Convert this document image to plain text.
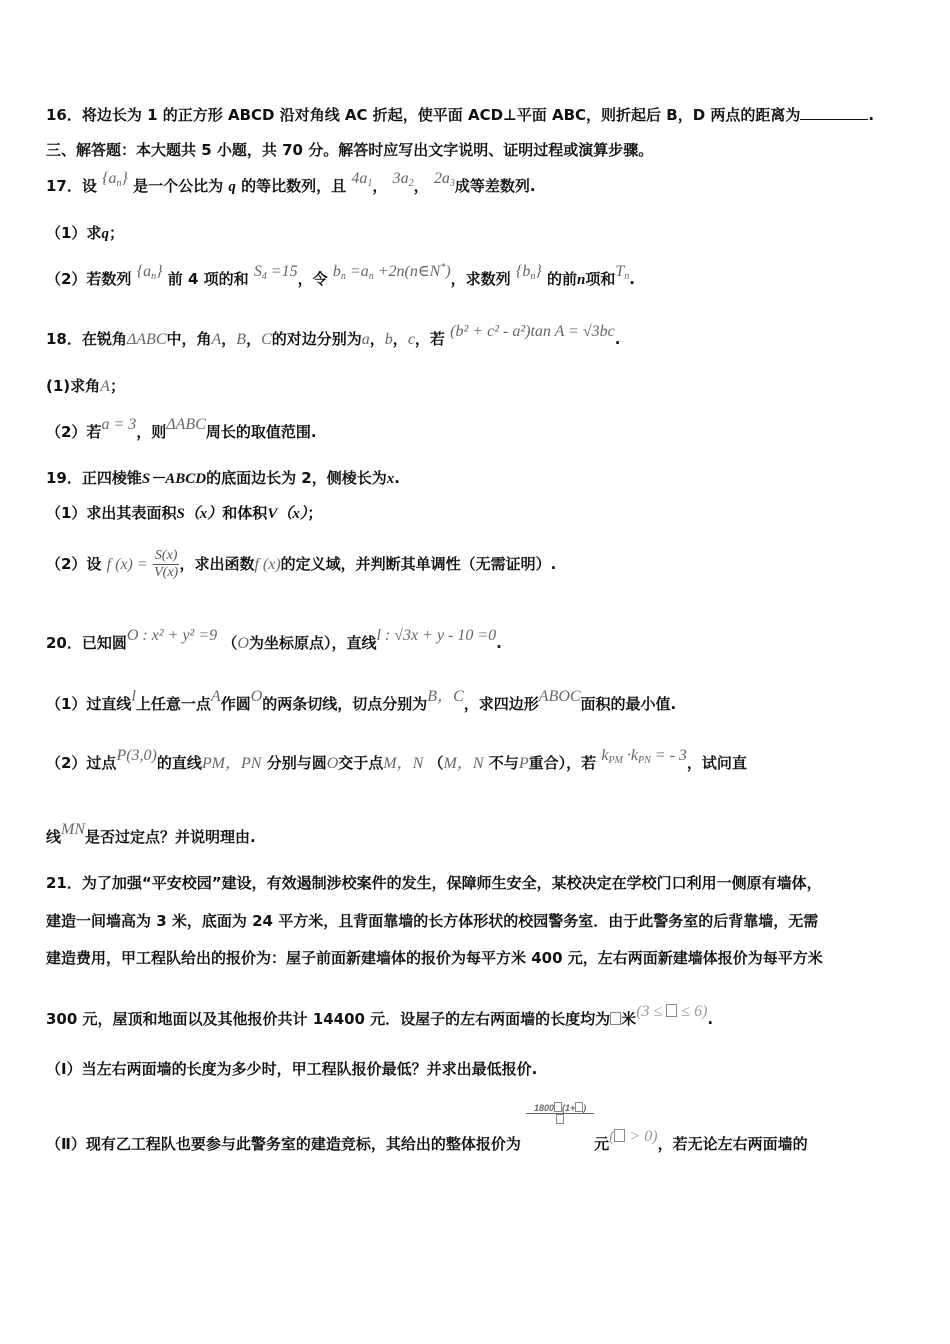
16．将边长为 1 的正方形 ABCD 沿对角线 AC 折起，使平面 ACD⊥平面 ABC，则折起后 B，D 两点的距离为	.
三、解答题：本大题共 5 小题，共 70 分。解答时应写出文字说明、证明过程或演算步骤。
17．设 $\{a_n\}$ 是一个公比为 q 的等比数列，且 $4a_1$， $3a_2$， $2a_3$成等差数列.
（1）求q；
（2）若数列 $\{a_n\}$ 前 4 项的和 $S_4 =15$，令 $b_n =a_n$ +2n(n∈N*)，求数列 $\{b_n\}$ 的前n项和$T_n$.
18．在锐角ΔABC中，角A，B，C的对边分别为a，b，c，若 (b² + c² - a²)tan A = √3bc.
(1)求角A；
（2）若a = 3，则ΔABC周长的取值范围.
19．正四棱锥S－ABCD的底面边长为 2，侧棱长为x.
（1）求出其表面积S（x）和体积V（x）；
（2）设 f $(x) = \frac{S(x)}{V(x)}$ ，求出函数f (x)的定义域，并判断其单调性（无需证明）.
20．已知圆O : x² + y² =9 （O为坐标原点），直线l : √3x + y - 10 =0.
（1）过直线l上任意一点A作圆O的两条切线，切点分别为B，C，求四边形ABOC面积的最小值.
（2）过点P(3,0)的直线PM，PN 分别与圆O交于点M，N （M，N 不与P重合），若 $k_{PM} \cdot k_{PN}$ = - 3，试问直
线MN是否过定点？并说明理由.
21．为了加强“平安校园”建设，有效遏制涉校案件的发生，保障师生安全，某校决定在学校门口利用一侧原有墙体，
建造一间墙高为 3 米，底面为 24 平方米，且背面靠墙的长方体形状的校园警务室．由于此警务室的后背靠墙，无需
建造费用，甲工程队给出的报价为：屋子前面新建墙体的报价为每平方米 400 元，左右两面新建墙体报价为每平方米
300 元，屋顶和地面以及其他报价共计 14400 元．设屋子的左右两面墙的长度均为 米(3 ≤  ≤ 6).
（Ⅰ）当左右两面墙的长度为多少时，甲工程队报价最低？并求出最低报价.
（Ⅱ）现有乙工程队也要参与此警务室的建造竞标，其给出的整体报价为
1800 (1+ )
元( > 0)，若无论左右两面墙的
